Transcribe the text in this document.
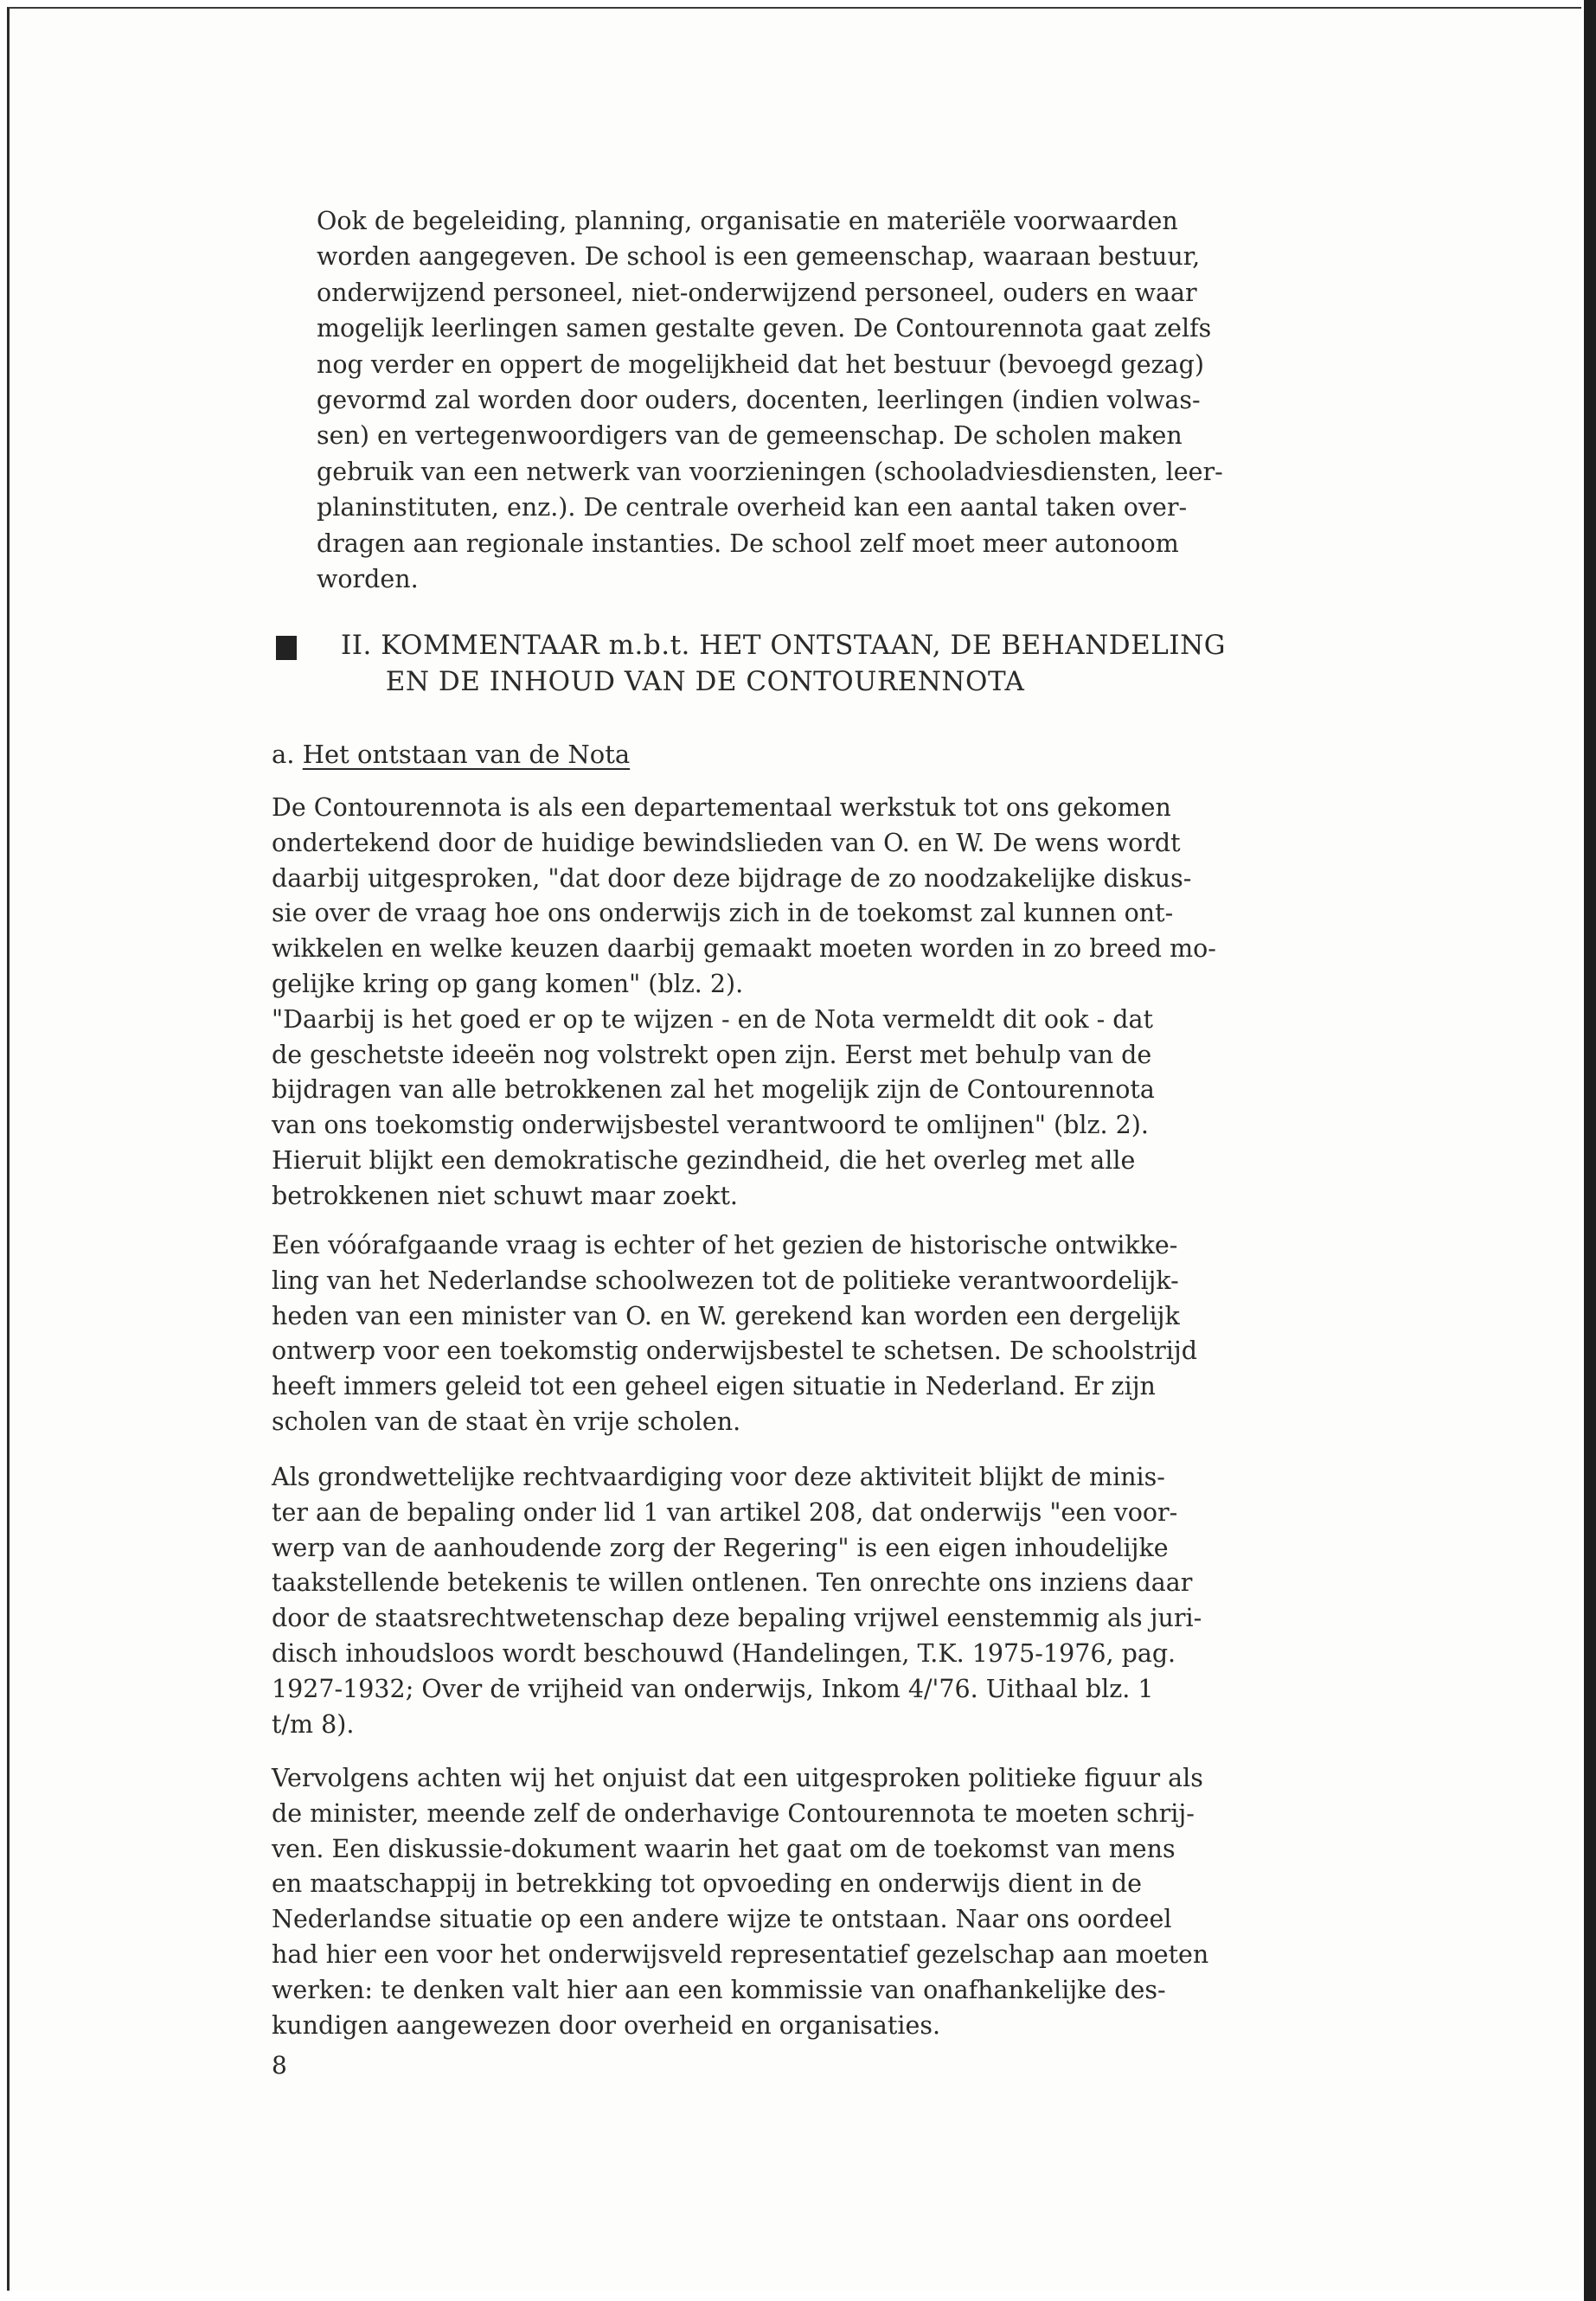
Ook de begeleiding, planning, organisatie en materiële voorwaarden
worden aangegeven. De school is een gemeenschap, waaraan bestuur,
onderwijzend personeel, niet-onderwijzend personeel, ouders en waar
mogelijk leerlingen samen gestalte geven. De Contourennota gaat zelfs
nog verder en oppert de mogelijkheid dat het bestuur (bevoegd gezag)
gevormd zal worden door ouders, docenten, leerlingen (indien volwas-
sen) en vertegenwoordigers van de gemeenschap. De scholen maken
gebruik van een netwerk van voorzieningen (schooladviesdiensten, leer-
planinstituten, enz.). De centrale overheid kan een aantal taken over-
dragen aan regionale instanties. De school zelf moet meer autonoom
worden.

II. KOMMENTAAR m.b.t. HET ONTSTAAN, DE BEHANDELING
EN DE INHOUD VAN DE CONTOURENNOTA
a. Het ontstaan van de Nota

De Contourennota is als een departementaal werkstuk tot ons gekomen
ondertekend door de huidige bewindslieden van O. en W. De wens wordt
daarbij uitgesproken, "dat door deze bijdrage de zo noodzakelijke diskus-
sie over de vraag hoe ons onderwijs zich in de toekomst zal kunnen ont-
wikkelen en welke keuzen daarbij gemaakt moeten worden in zo breed mo-
gelijke kring op gang komen" (blz. 2).
"Daarbij is het goed er op te wijzen - en de Nota vermeldt dit ook - dat
de geschetste ideeën nog volstrekt open zijn. Eerst met behulp van de
bijdragen van alle betrokkenen zal het mogelijk zijn de Contourennota
van ons toekomstig onderwijsbestel verantwoord te omlijnen" (blz. 2).
Hieruit blijkt een demokratische gezindheid, die het overleg met alle
betrokkenen niet schuwt maar zoekt.

Een vóórafgaande vraag is echter of het gezien de historische ontwikke-
ling van het Nederlandse schoolwezen tot de politieke verantwoordelijk-
heden van een minister van O. en W. gerekend kan worden een dergelijk
ontwerp voor een toekomstig onderwijsbestel te schetsen. De schoolstrijd
heeft immers geleid tot een geheel eigen situatie in Nederland. Er zijn
scholen van de staat èn vrije scholen.

Als grondwettelijke rechtvaardiging voor deze aktiviteit blijkt de minis-
ter aan de bepaling onder lid 1 van artikel 208, dat onderwijs "een voor-
werp van de aanhoudende zorg der Regering" is een eigen inhoudelijke
taakstellende betekenis te willen ontlenen. Ten onrechte ons inziens daar
door de staatsrechtwetenschap deze bepaling vrijwel eenstemmig als juri-
disch inhoudsloos wordt beschouwd (Handelingen, T.K. 1975-1976, pag.
1927-1932; Over de vrijheid van onderwijs, Inkom 4/'76. Uithaal blz. 1
t/m 8).

Vervolgens achten wij het onjuist dat een uitgesproken politieke figuur als
de minister, meende zelf de onderhavige Contourennota te moeten schrij-
ven. Een diskussie-dokument waarin het gaat om de toekomst van mens
en maatschappij in betrekking tot opvoeding en onderwijs dient in de
Nederlandse situatie op een andere wijze te ontstaan. Naar ons oordeel
had hier een voor het onderwijsveld representatief gezelschap aan moeten
werken: te denken valt hier aan een kommissie van onafhankelijke des-
kundigen aangewezen door overheid en organisaties.

8
